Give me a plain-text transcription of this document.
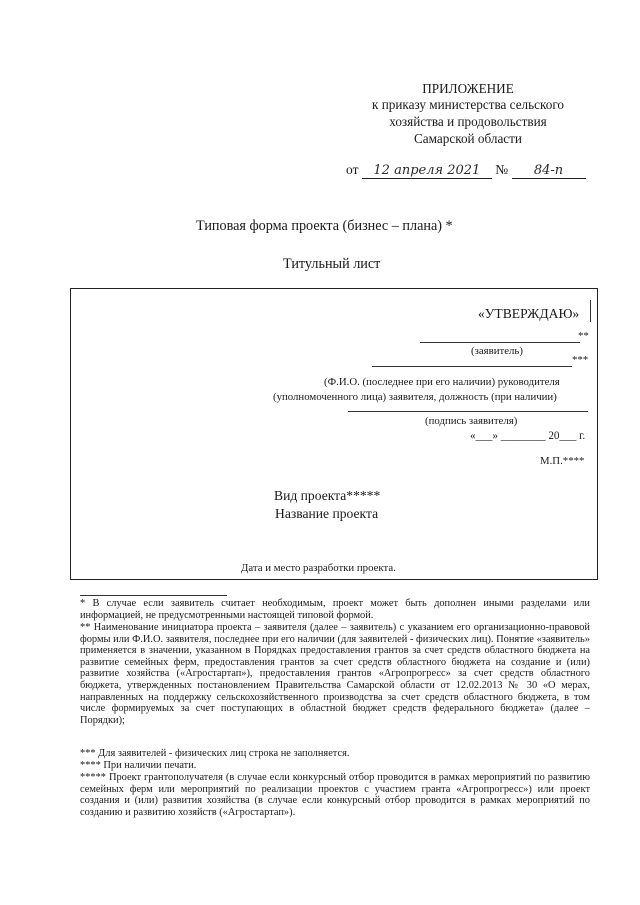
ПРИЛОЖЕНИЕ
к приказу министерства сельского
хозяйства и продовольствия
Самарской области
от 12 апреля 2021 № 84-п
Типовая форма проекта (бизнес – плана) *
Титульный лист
«УТВЕРЖДАЮ»
**
(заявитель)
***
(Ф.И.О. (последнее при его наличии) руководителя
(уполномоченного лица) заявителя, должность (при наличии)
(подпись заявителя)
«___» ________ 20___ г.
М.П.****
Вид проекта*****
Название проекта
Дата и место разработки проекта.
* В случае если заявитель считает необходимым, проект может быть дополнен иными разделами или информацией, не предусмотренными настоящей типовой формой.
** Наименование инициатора проекта – заявителя (далее – заявитель) с указанием его организационно-правовой формы или Ф.И.О. заявителя, последнее при его наличии (для заявителей - физических лиц). Понятие «заявитель» применяется в значении, указанном в Порядках предоставления грантов за счет средств областного бюджета на развитие семейных ферм, предоставления грантов за счет средств областного бюджета на создание и (или) развитие хозяйства («Агростартап»), предоставления грантов «Агропрогресс» за счет средств областного бюджета, утвержденных постановлением Правительства Самарской области от 12.02.2013 № 30 «О мерах, направленных на поддержку сельскохозяйственного производства за счет средств областного бюджета, в том числе формируемых за счет поступающих в областной бюджет средств федерального бюджета» (далее – Порядки);
*** Для заявителей - физических лиц строка не заполняется.
**** При наличии печати.
***** Проект грантополучателя (в случае если конкурсный отбор проводится в рамках мероприятий по развитию семейных ферм или мероприятий по реализации проектов с участием гранта «Агропрогресс») или проект создания и (или) развития хозяйства (в случае если конкурсный отбор проводится в рамках мероприятий по созданию и развитию хозяйств («Агростартап»).
